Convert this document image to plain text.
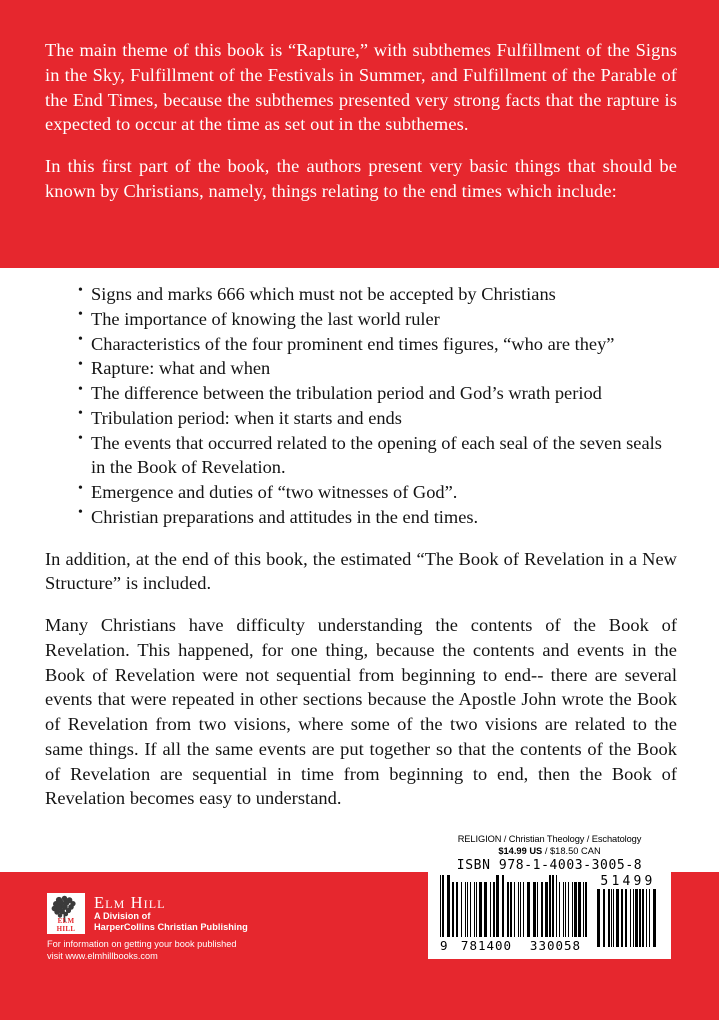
The main theme of this book is “Rapture,” with subthemes Fulfillment of the Signs in the Sky, Fulfillment of the Festivals in Summer, and Fulfillment of the Parable of the End Times, because the subthemes presented very strong facts that the rapture is expected to occur at the time as set out in the subthemes.

In this first part of the book, the authors present very basic things that should be known by Christians, namely, things relating to the end times which include:

• Signs and marks 666 which must not be accepted by Christians
• The importance of knowing the last world ruler
• Characteristics of the four prominent end times figures, “who are they”
• Rapture: what and when
• The difference between the tribulation period and God’s wrath period
• Tribulation period: when it starts and ends
• The events that occurred related to the opening of each seal of the seven seals in the Book of Revelation.
• Emergence and duties of “two witnesses of God”.
• Christian preparations and attitudes in the end times.

In addition, at the end of this book, the estimated “The Book of Revelation in a New Structure” is included.

Many Christians have difficulty understanding the contents of the Book of Revelation. This happened, for one thing, because the contents and events in the Book of Revelation were not sequential from beginning to end-- there are several events that were repeated in other sections because the Apostle John wrote the Book of Revelation from two visions, where some of the two visions are related to the same things. If all the same events are put together so that the contents of the Book of Revelation are sequential in time from beginning to end, then the Book of Revelation becomes easy to understand.

ELM
HILL
Elm Hill
A Division of
HarperCollins Christian Publishing
For information on getting your book published
visit www.elmhillbooks.com
RELIGION / Christian Theology / Eschatology
$14.99 US / $18.50 CAN
ISBN 978-1-4003-3005-8
9 781400	330058
51499
